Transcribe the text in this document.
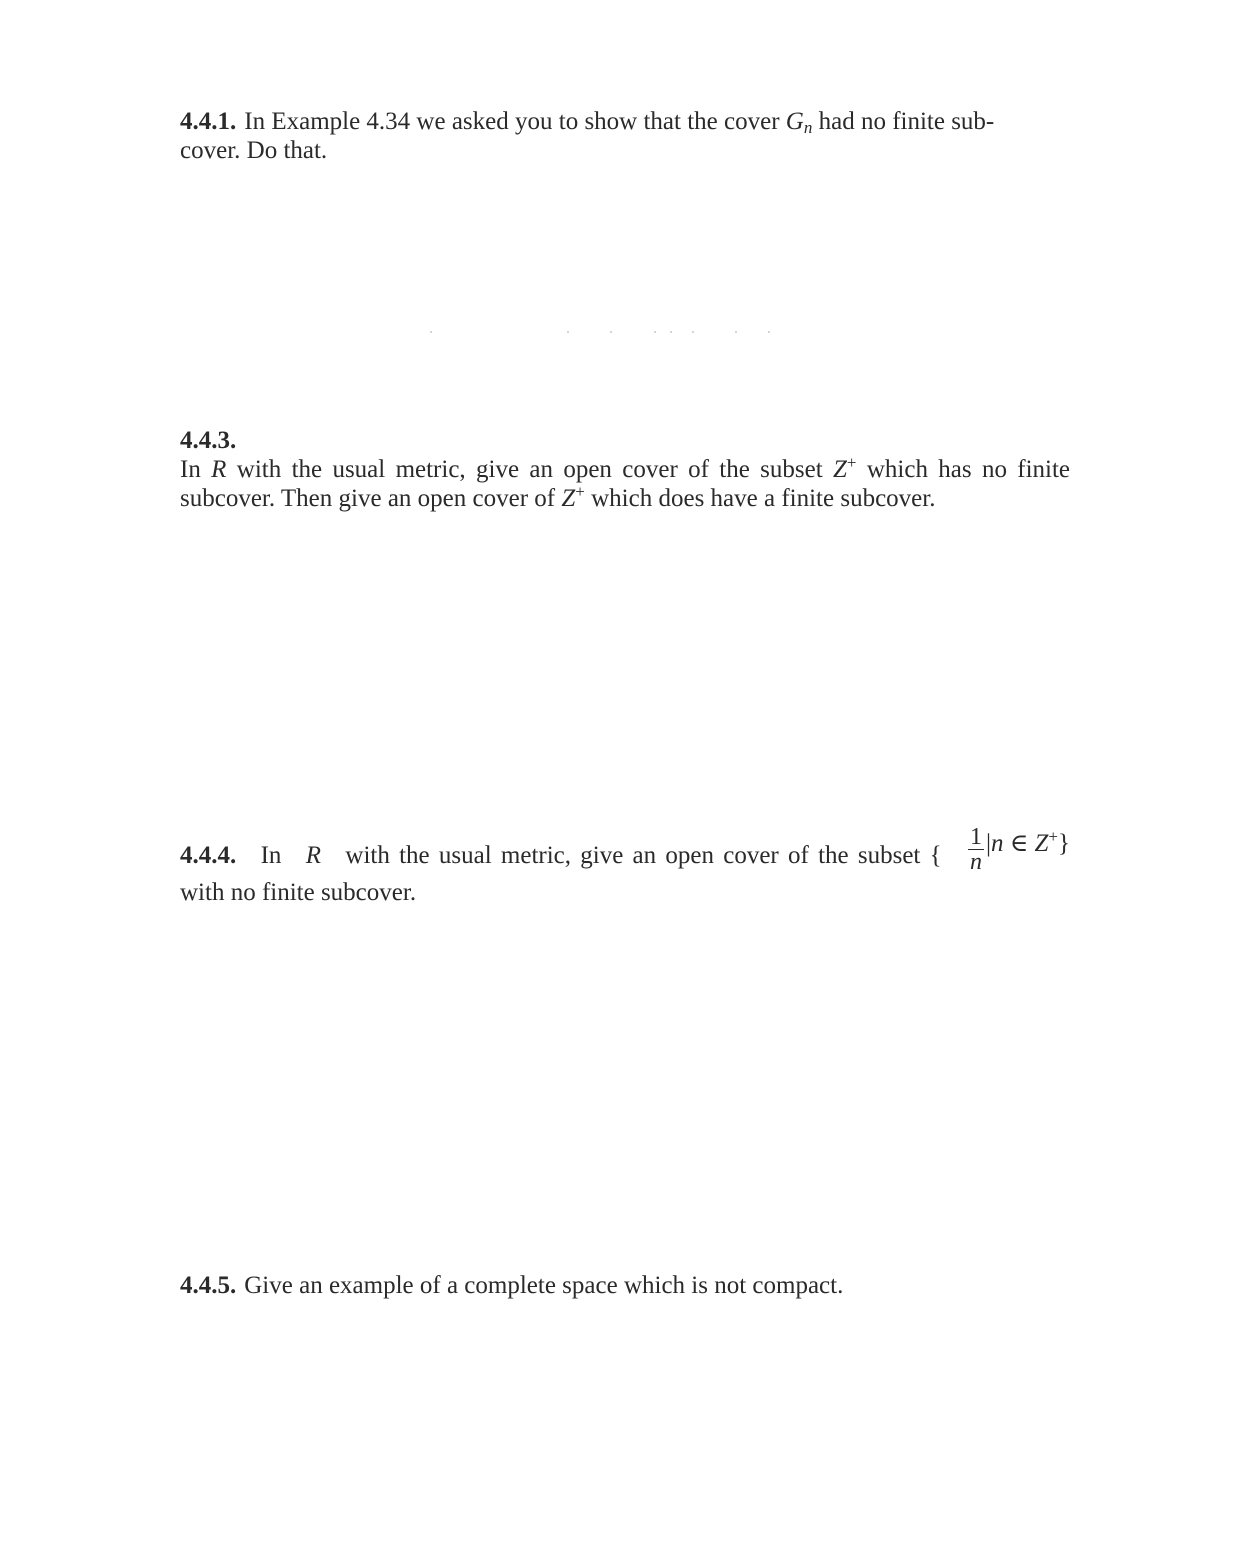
4.4.1. In Example 4.34 we asked you to show that the cover $G_n$ had no finite sub-
cover. Do that.
4.4.3.
In R with the usual metric, give an open cover of the subset Z+ which has no finite subcover. Then give an open cover of Z+ which does have a finite subcover.
4.4.4. In R with the usual metric, give an open cover of the subset { $\frac{1}{n} |n$ ∈ Z+}
with no finite subcover.
4.4.5. Give an example of a complete space which is not compact.
